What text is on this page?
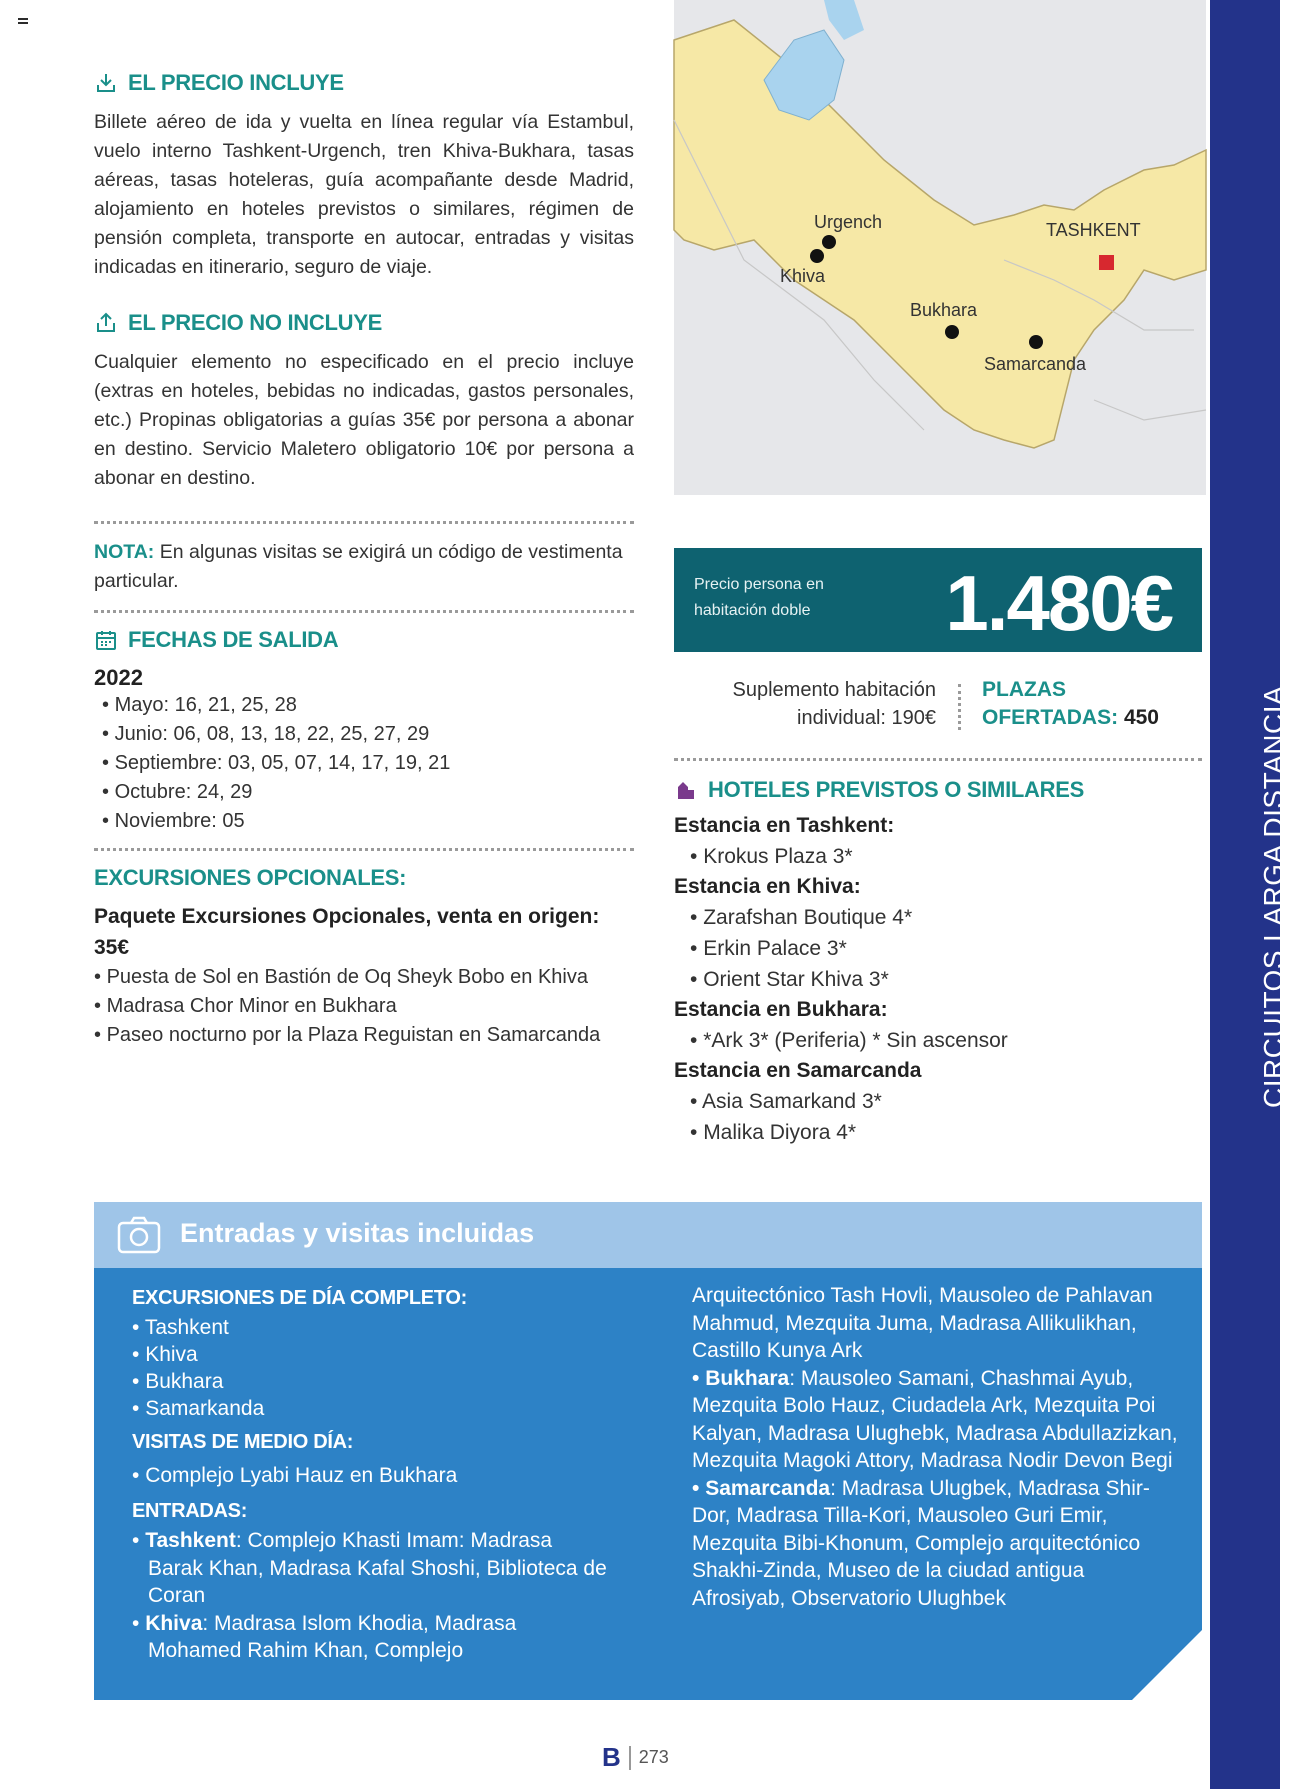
CIRCUITOS LARGA DISTANCIA
EL PRECIO INCLUYE

Billete aéreo de ida y vuelta en línea regular vía Estambul, vuelo interno Tashkent-Urgench, tren Khiva-Bukhara, tasas aéreas, tasas hoteleras, guía acompañante desde Madrid, alojamiento en hoteles previstos o similares, régimen de pensión completa, transporte en autocar, entradas y visitas indicadas en itinerario, seguro de viaje.

EL PRECIO NO INCLUYE

Cualquier elemento no especificado en el precio incluye (extras en hoteles, bebidas no indicadas, gastos personales, etc.) Propinas obligatorias a guías 35€ por persona a abonar en destino. Servicio Maletero obligatorio 10€ por persona a abonar en destino.

NOTA: En algunas visitas se exigirá un código de vestimenta particular.

FECHAS DE SALIDA
2022
• Mayo: 16, 21, 25, 28
• Junio: 06, 08, 13, 18, 22, 25, 27, 29
• Septiembre: 03, 05, 07, 14, 17, 19, 21
• Octubre: 24, 29
• Noviembre: 05
EXCURSIONES OPCIONALES:
Paquete Excursiones Opcionales, venta en origen: 35€
• Puesta de Sol en Bastión de Oq Sheyk Bobo en Khiva
• Madrasa Chor Minor en Bukhara
• Paseo nocturno por la Plaza Reguistan en Samarcanda
Urgench
Khiva
Bukhara
Samarcanda
TASHKENT
Precio persona en habitación doble	1.480€
Suplemento habitación
individual: 190€
PLAZAS
OFERTADAS: 450
HOTELES PREVISTOS O SIMILARES
Estancia en Tashkent:
• Krokus Plaza 3*
Estancia en Khiva:
• Zarafshan Boutique 4*
• Erkin Palace 3*
• Orient Star Khiva 3*
Estancia en Bukhara:
• *Ark 3* (Periferia) * Sin ascensor
Estancia en Samarcanda
• Asia Samarkand 3*
• Malika Diyora 4*
Entradas y visitas incluidas
EXCURSIONES DE DÍA COMPLETO:
• Tashkent
• Khiva
• Bukhara
• Samarkanda
VISITAS DE MEDIO DÍA:
• Complejo Lyabi Hauz en Bukhara
ENTRADAS:
• Tashkent: Complejo Khasti Imam: Madrasa Barak Khan, Madrasa Kafal Shoshi, Biblioteca de Coran
• Khiva: Madrasa Islom Khodia, Madrasa Mohamed Rahim Khan, Complejo
Arquitectónico Tash Hovli, Mausoleo de Pahlavan Mahmud, Mezquita Juma, Madrasa Allikulikhan, Castillo Kunya Ark
• Bukhara: Mausoleo Samani, Chashmai Ayub, Mezquita Bolo Hauz, Ciudadela Ark, Mezquita Poi Kalyan, Madrasa Ulughebk, Madrasa Abdullazizkan, Mezquita Magoki Attory, Madrasa Nodir Devon Begi
• Samarcanda: Madrasa Ulugbek, Madrasa Shir-Dor, Madrasa Tilla-Kori, Mausoleo Guri Emir, Mezquita Bibi-Khonum, Complejo arquitectónico Shakhi-Zinda, Museo de la ciudad antigua Afrosiyab, Observatorio Ulughbek
B 273
